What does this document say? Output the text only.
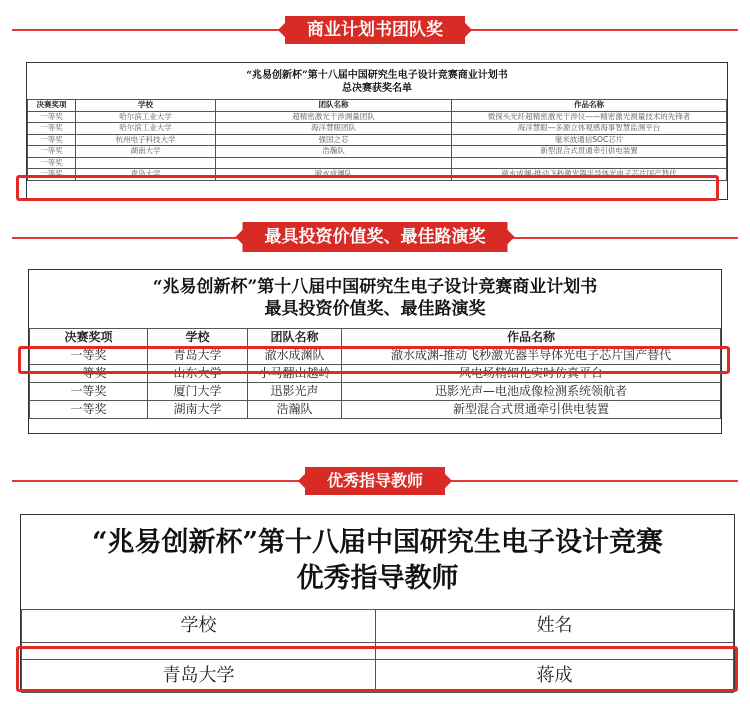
商业计划书团队奖
“兆易创新杯”第十八届中国研究生电子设计竞赛商业计划书
总决赛获奖名单
决赛奖项	学校	团队名称	作品名称
一等奖	哈尔滨工业大学	超精密激光干涉测量团队	微探头光纤超精密激光干涉仪——精密激光测量技术的先锋者
一等奖	哈尔滨工业大学	海洋慧眼团队	海洋慧眼—多源立体观感海事智慧监测平台
一等奖	杭州电子科技大学	强国之芯	毫米波通信SOC芯片
一等奖	湖南大学	浩瀚队	新型混合式贯通牵引供电装置
一等奖			
一等奖	青岛大学	澈水成渊队	澈水成渊-推动飞秒激光器半导体光电子芯片国产替代
最具投资价值奖、最佳路演奖
“兆易创新杯”第十八届中国研究生电子设计竞赛商业计划书
最具投资价值奖、最佳路演奖
决赛奖项	学校	团队名称	作品名称
一等奖	青岛大学	澈水成渊队	澈水成渊-推动飞秒激光器半导体光电子芯片国产替代
一等奖	山东大学	小马翻山越岭	风电场精细化实时仿真平台
一等奖	厦门大学	迅影光声	迅影光声—电池成像检测系统领航者
一等奖	湖南大学	浩瀚队	新型混合式贯通牵引供电装置
优秀指导教师
“兆易创新杯”第十八届中国研究生电子设计竞赛
优秀指导教师
学校	姓名

青岛大学	蒋成
